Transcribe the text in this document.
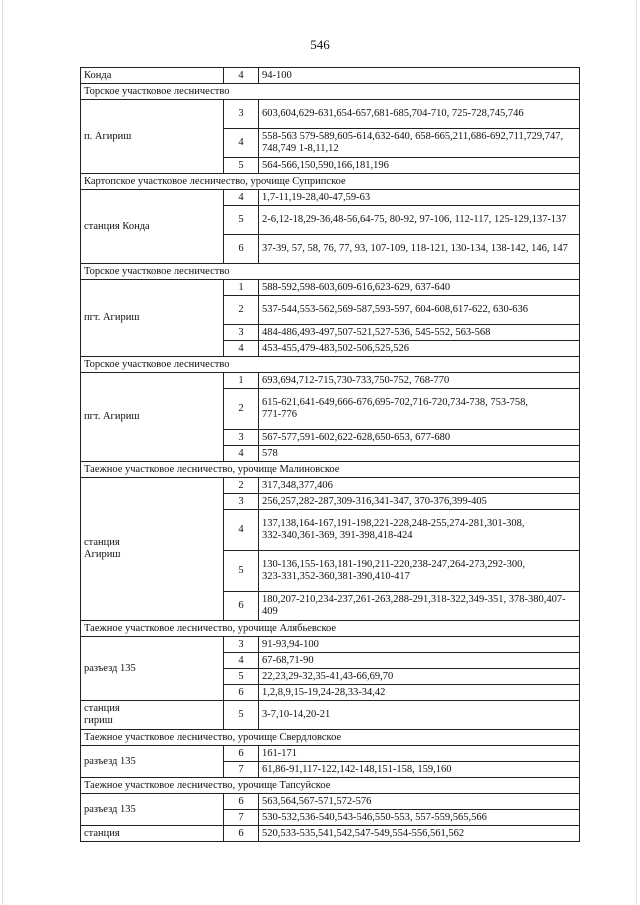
546
Конда	4	94-100
Торское участковое лесничество		
п. Агириш	3	603,604,629-631,654-657,681-685,704-710, 725-728,745,746
	4	558-563 579-589,605-614,632-640, 658-665,211,686-692,711,729,747, 748,749 1-8,11,12
	5	564-566,150,590,166,181,196
Картопское участковое лесничество, урочище Суприпское		
станция Конда	4	1,7-11,19-28,40-47,59-63
	5	2-6,12-18,29-36,48-56,64-75, 80-92, 97-106, 112-117, 125-129,137-137
	6	37-39, 57, 58, 76, 77, 93, 107-109, 118-121, 130-134, 138-142, 146, 147
Торское участковое лесничество		
пгт. Агириш	1	588-592,598-603,609-616,623-629, 637-640
	2	537-544,553-562,569-587,593-597, 604-608,617-622, 630-636
	3	484-486,493-497,507-521,527-536, 545-552, 563-568
	4	453-455,479-483,502-506,525,526
Торское участковое лесничество		
пгт. Агириш	1	693,694,712-715,730-733,750-752, 768-770
	2	615-621,641-649,666-676,695-702,716-720,734-738, 753-758,
771-776
	3	567-577,591-602,622-628,650-653, 677-680
	4	578
Таежное участковое лесничество, урочище Малиновское		
станция
Агириш	2	317,348,377,406
	3	256,257,282-287,309-316,341-347, 370-376,399-405
	4	137,138,164-167,191-198,221-228,248-255,274-281,301-308,
332-340,361-369, 391-398,418-424
	5	130-136,155-163,181-190,211-220,238-247,264-273,292-300,
323-331,352-360,381-390,410-417
	6	180,207-210,234-237,261-263,288-291,318-322,349-351, 378-380,407-409
Таежное участковое лесничество, урочище Алябьевское		
разъезд 135	3	91-93,94-100
	4	67-68,71-90
	5	22,23,29-32,35-41,43-66,69,70
	6	1,2,8,9,15-19,24-28,33-34,42
станция
гириш	5	3-7,10-14,20-21
Таежное участковое лесничество, урочище Свердловское		
разъезд 135	6	161-171
	7	61,86-91,117-122,142-148,151-158, 159,160
Таежное участковое лесничество, урочище Тапсуйское		
разъезд 135	6	563,564,567-571,572-576
	7	530-532,536-540,543-546,550-553, 557-559,565,566
станция	6	520,533-535,541,542,547-549,554-556,561,562
